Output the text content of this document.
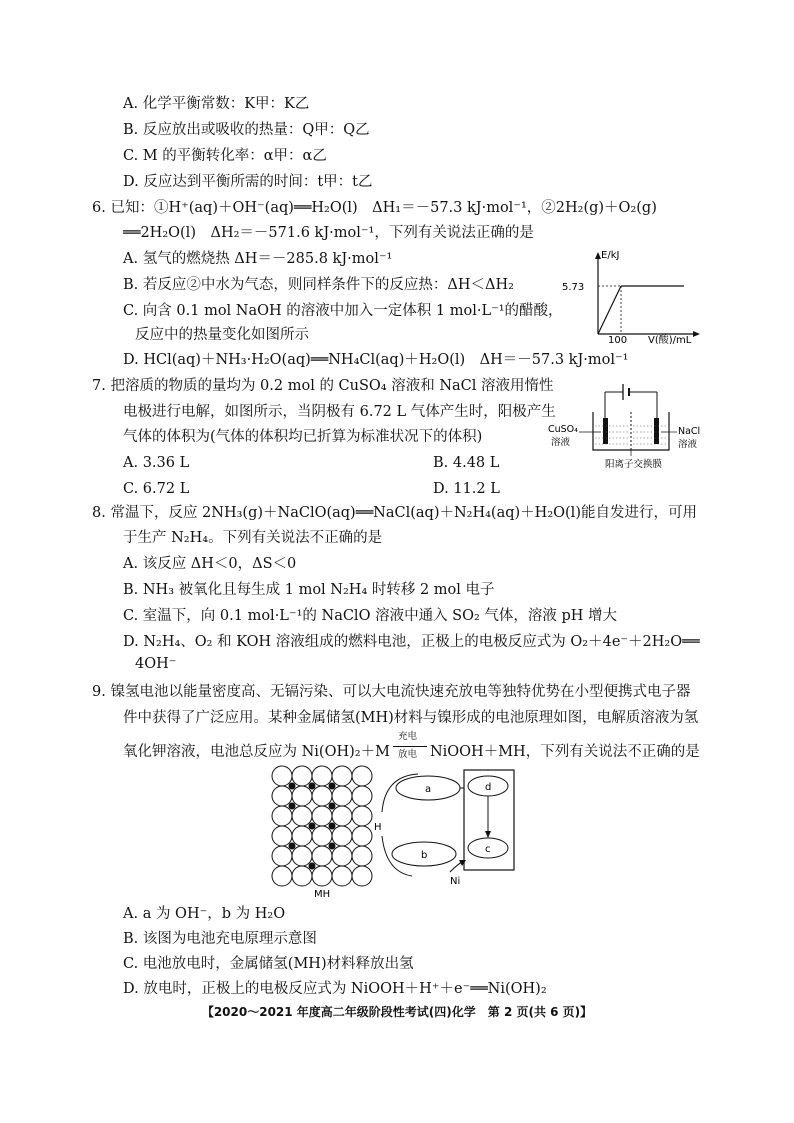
A. 化学平衡常数：K甲：K乙
B. 反应放出或吸收的热量：Q甲：Q乙
C. M 的平衡转化率：α甲：α乙
D. 反应达到平衡所需的时间：t甲：t乙
6. 已知：①H⁺(aq)＋OH⁻(aq)══H₂O(l)　ΔH₁＝－57.3 kJ·mol⁻¹，②2H₂(g)＋O₂(g)
══2H₂O(l)　ΔH₂＝－571.6 kJ·mol⁻¹，下列有关说法正确的是
A. 氢气的燃烧热 ΔH＝－285.8 kJ·mol⁻¹
B. 若反应②中水为气态，则同样条件下的反应热：ΔH＜ΔH₂
C. 向含 0.1 mol NaOH 的溶液中加入一定体积 1 mol·L⁻¹的醋酸，
反应中的热量变化如图所示
D. HCl(aq)＋NH₃·H₂O(aq)══NH₄Cl(aq)＋H₂O(l)　ΔH＝－57.3 kJ·mol⁻¹
E/kJ
5.73
100 V(酸)/mL
7. 把溶质的物质的量均为 0.2 mol 的 CuSO₄ 溶液和 NaCl 溶液用惰性
电极进行电解，如图所示，当阴极有 6.72 L 气体产生时，阳极产生
气体的体积为(气体的体积均已折算为标准状况下的体积)
A. 3.36 L	B. 4.48 L
C. 6.72 L	D. 11.2 L
CuSO₄
溶液
NaCl
溶液
阳离子交换膜
8. 常温下，反应 2NH₃(g)＋NaClO(aq)══NaCl(aq)＋N₂H₄(aq)＋H₂O(l)能自发进行，可用
于生产 N₂H₄。下列有关说法不正确的是
A. 该反应 ΔH＜0，ΔS＜0
B. NH₃ 被氧化且每生成 1 mol N₂H₄ 时转移 2 mol 电子
C. 室温下，向 0.1 mol·L⁻¹的 NaClO 溶液中通入 SO₂ 气体，溶液 pH 增大
D. N₂H₄、O₂ 和 KOH 溶液组成的燃料电池，正极上的电极反应式为 O₂＋4e⁻＋2H₂O══
4OH⁻
9. 镍氢电池以能量密度高、无镉污染、可以大电流快速充放电等独特优势在小型便携式电子器
件中获得了广泛应用。某种金属储氢(MH)材料与镍形成的电池原理如图，电解质溶液为氢
氧化钾溶液，电池总反应为 Ni(OH)₂＋M
充电
放电 NiOOH＋MH，下列有关说法不正确的是
a
b
c
d
H
MH
Ni
A. a 为 OH⁻，b 为 H₂O
B. 该图为电池充电原理示意图
C. 电池放电时，金属储氢(MH)材料释放出氢
D. 放电时，正极上的电极反应式为 NiOOH＋H⁺＋e⁻══Ni(OH)₂
【2020～2021 年度高二年级阶段性考试(四)化学　第 2 页(共 6 页)】
